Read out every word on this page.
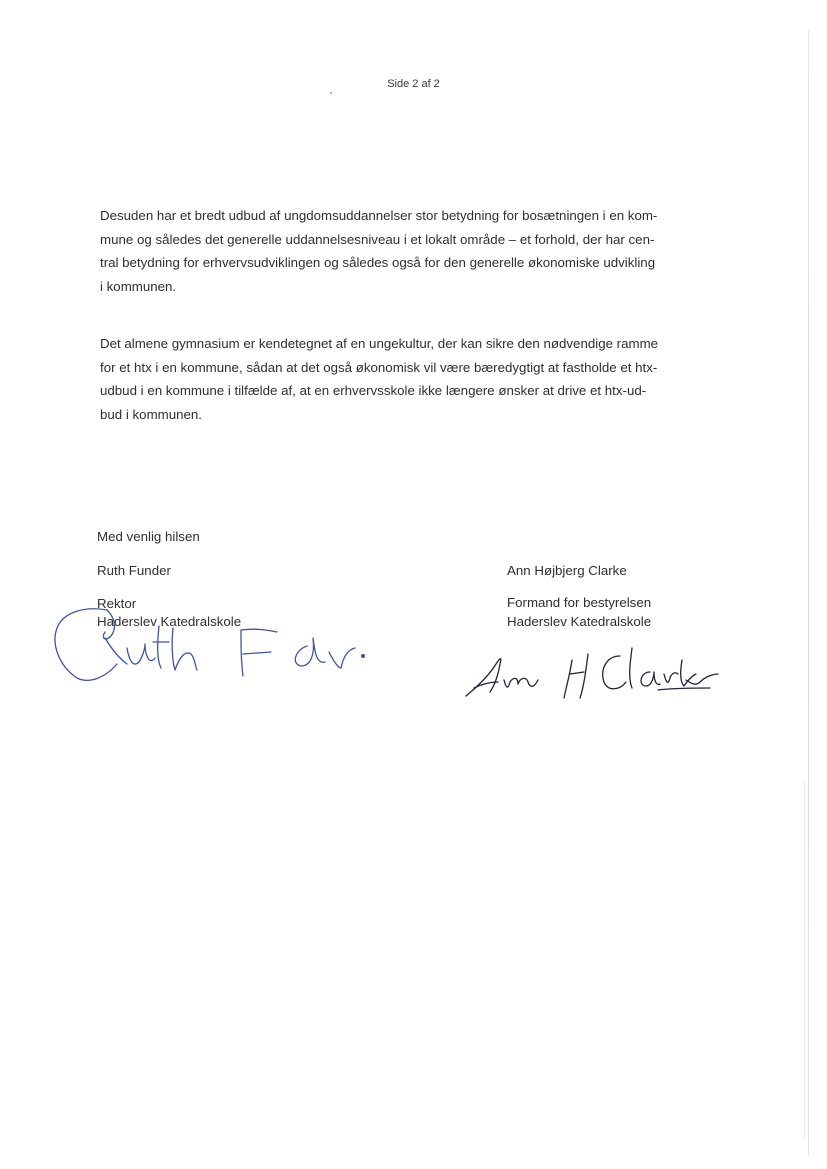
Side 2 af 2
Desuden har et bredt udbud af ungdomsuddannelser stor betydning for bosætningen i en kom-
mune og således det generelle uddannelsesniveau i et lokalt område – et forhold, der har cen-
tral betydning for erhvervsudviklingen og således også for den generelle økonomiske udvikling
i kommunen.
Det almene gymnasium er kendetegnet af en ungekultur, der kan sikre den nødvendige ramme
for et htx i en kommune, sådan at det også økonomisk vil være bæredygtigt at fastholde et htx-
udbud i en kommune i tilfælde af, at en erhvervsskole ikke længere ønsker at drive et htx-ud-
bud i kommunen.
Med venlig hilsen
Ruth Funder
Rektor
Haderslev Katedralskole
Ann Højbjerg Clarke
Formand for bestyrelsen
Haderslev Katedralskole
